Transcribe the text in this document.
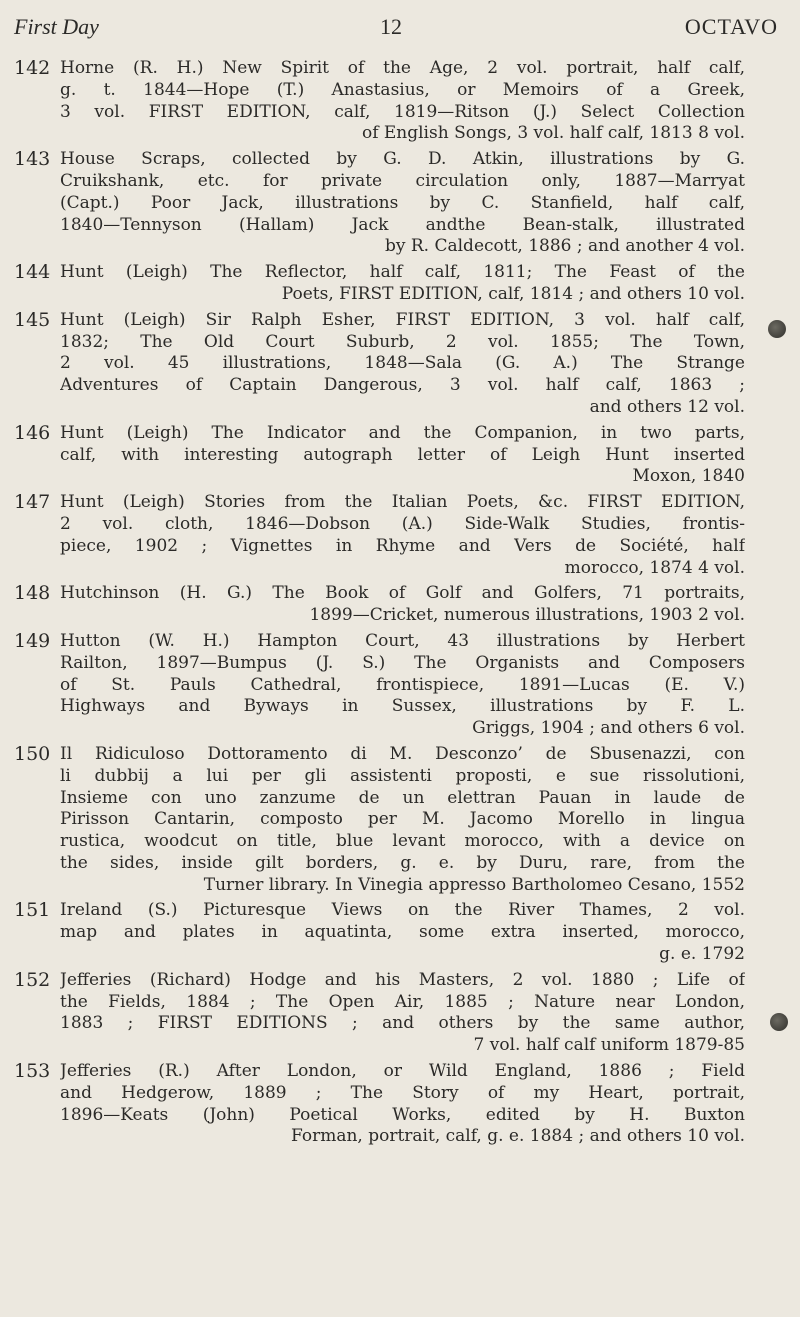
First Day	12	OCTAVO
142 Horne (R. H.) New Spirit of the Age, 2 vol. portrait, half calf,
g. t. 1844—Hope (T.) Anastasius, or Memoirs of a Greek,
3 vol. FIRST EDITION, calf, 1819—Ritson (J.) Select Collection
of English Songs, 3 vol. half calf, 1813 8 vol.
143 House Scraps, collected by G. D. Atkin, illustrations by G.
Cruikshank, etc. for private circulation only, 1887—Marryat
(Capt.) Poor Jack, illustrations by C. Stanfield, half calf,
1840—Tennyson (Hallam) Jack andthe Bean-stalk, illustrated
by R. Caldecott, 1886 ; and another 4 vol.
144 Hunt (Leigh) The Reflector, half calf, 1811; The Feast of the
Poets, FIRST EDITION, calf, 1814 ; and others 10 vol.
145 Hunt (Leigh) Sir Ralph Esher, FIRST EDITION, 3 vol. half calf,
1832; The Old Court Suburb, 2 vol. 1855; The Town,
2 vol. 45 illustrations, 1848—Sala (G. A.) The Strange
Adventures of Captain Dangerous, 3 vol. half calf, 1863 ;
and others 12 vol.
146 Hunt (Leigh) The Indicator and the Companion, in two parts,
calf, with interesting autograph letter of Leigh Hunt inserted
Moxon, 1840
147 Hunt (Leigh) Stories from the Italian Poets, &c. FIRST EDITION,
2 vol. cloth, 1846—Dobson (A.) Side-Walk Studies, frontis-
piece, 1902 ; Vignettes in Rhyme and Vers de Société, half
morocco, 1874 4 vol.
148 Hutchinson (H. G.) The Book of Golf and Golfers, 71 portraits,
1899—Cricket, numerous illustrations, 1903 2 vol.
149 Hutton (W. H.) Hampton Court, 43 illustrations by Herbert
Railton, 1897—Bumpus (J. S.) The Organists and Composers
of St. Pauls Cathedral, frontispiece, 1891—Lucas (E. V.)
Highways and Byways in Sussex, illustrations by F. L.
Griggs, 1904 ; and others 6 vol.
150 Il Ridiculoso Dottoramento di M. Desconzo’ de Sbusenazzi, con
li dubbij a lui per gli assistenti proposti, e sue rissolutioni,
Insieme con uno zanzume de un elettran Pauan in laude de
Pirisson Cantarin, composto per M. Jacomo Morello in lingua
rustica, woodcut on title, blue levant morocco, with a device on
the sides, inside gilt borders, g. e. by Duru, rare, from the
Turner library. In Vinegia appresso Bartholomeo Cesano, 1552
151 Ireland (S.) Picturesque Views on the River Thames, 2 vol.
map and plates in aquatinta, some extra inserted, morocco,
g. e. 1792
152 Jefferies (Richard) Hodge and his Masters, 2 vol. 1880 ; Life of
the Fields, 1884 ; The Open Air, 1885 ; Nature near London,
1883 ; FIRST EDITIONS ; and others by the same author,
7 vol. half calf uniform 1879-85
153 Jefferies (R.) After London, or Wild England, 1886 ; Field
and Hedgerow, 1889 ; The Story of my Heart, portrait,
1896—Keats (John) Poetical Works, edited by H. Buxton
Forman, portrait, calf, g. e. 1884 ; and others 10 vol.
